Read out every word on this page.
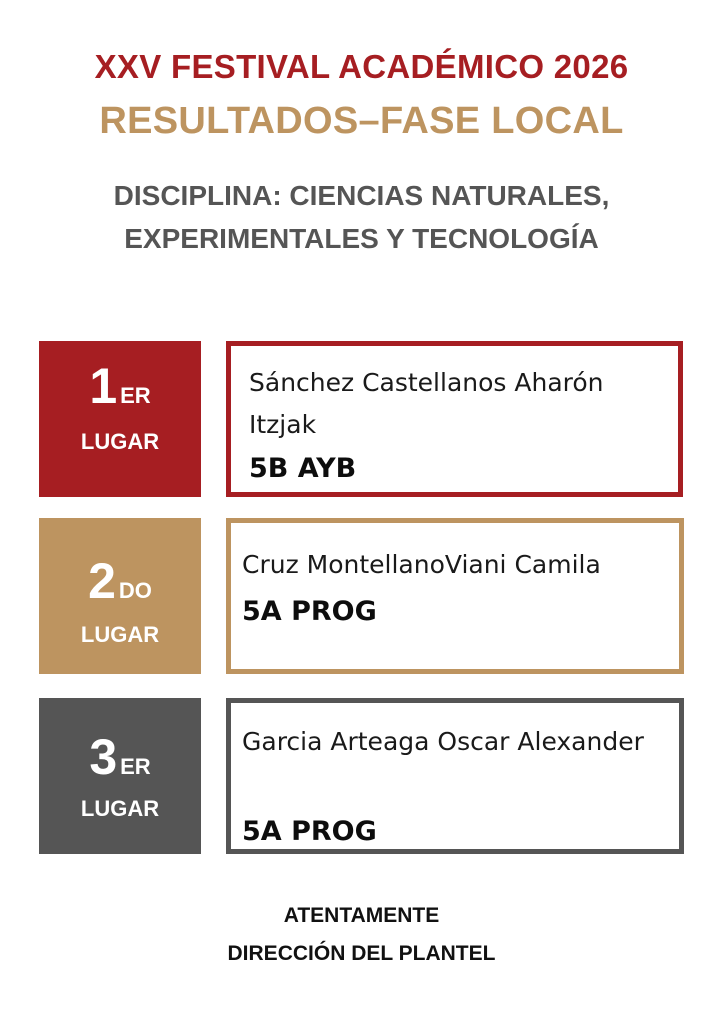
XXV FESTIVAL ACADÉMICO 2026
RESULTADOS–FASE LOCAL
DISCIPLINA: CIENCIAS NATURALES,
EXPERIMENTALES Y TECNOLOGÍA
1 ER
LUGAR
Sánchez Castellanos Aharón
Itzjak
5B AYB
2 DO
LUGAR
Cruz MontellanoViani Camila
5A PROG
3 ER
LUGAR
Garcia Arteaga Oscar Alexander
5A PROG
ATENTAMENTE
DIRECCIÓN DEL PLANTEL
